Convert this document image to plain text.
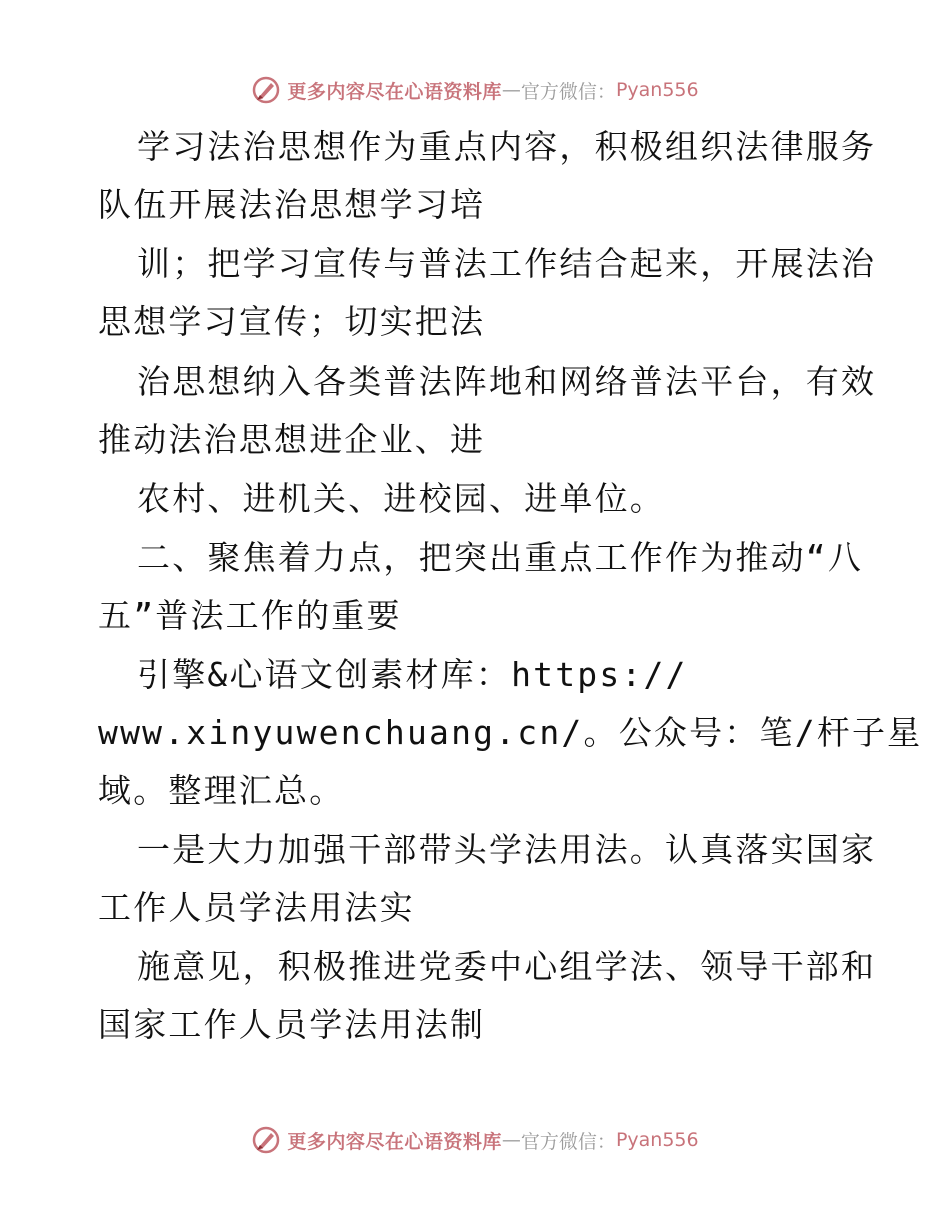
更多内容尽在心语资料库 — 官方微信： Pyan556

学习法治思想作为重点内容，积极组织法律服务

队伍开展法治思想学习培

训；把学习宣传与普法工作结合起来，开展法治

思想学习宣传；切实把法

治思想纳入各类普法阵地和网络普法平台，有效

推动法治思想进企业、进

农村、进机关、进校园、进单位。

二、聚焦着力点，把突出重点工作作为推动“八

五”普法工作的重要

引擎&心语文创素材库：https://

www.xinyuwenchuang.cn/。公众号：笔/杆子星

域。整理汇总。

一是大力加强干部带头学法用法。认真落实国家

工作人员学法用法实

施意见，积极推进党委中心组学法、领导干部和

国家工作人员学法用法制

更多内容尽在心语资料库 — 官方微信： Pyan556
